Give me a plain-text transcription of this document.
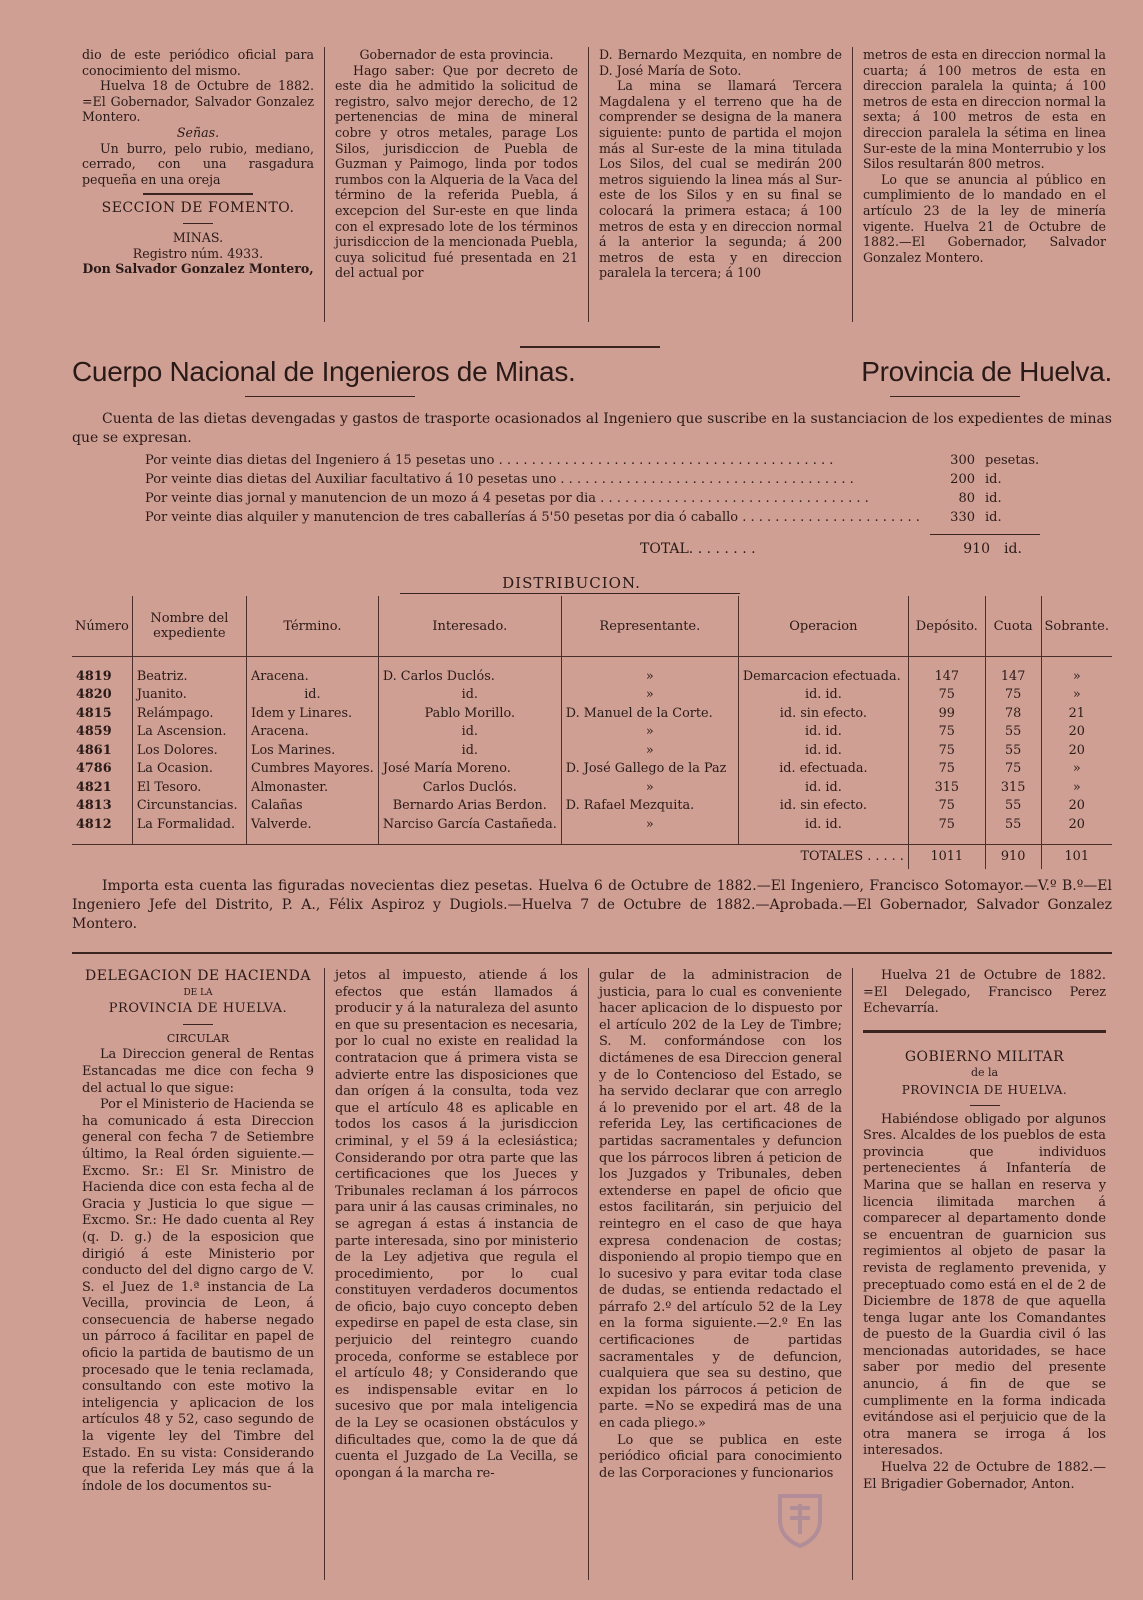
dio de este periódico oficial para conocimiento del mismo.

Huelva 18 de Octubre de 1882. =El Gobernador, Salvador Gonzalez Montero.

Señas.

Un burro, pelo rubio, mediano, cerrado, con una rasgadura pequeña en una oreja

SECCION DE FOMENTO.

MINAS.

Registro núm. 4933.

Don Salvador Gonzalez Montero,

Gobernador de esta provincia.

Hago saber: Que por decreto de este dia he admitido la solicitud de registro, salvo mejor derecho, de 12 pertenencias de mina de mineral cobre y otros metales, parage Los Silos, jurisdiccion de Puebla de Guzman y Paimogo, linda por todos rumbos con la Alqueria de la Vaca del término de la referida Puebla, á excepcion del Sur-este en que linda con el expresado lote de los términos jurisdiccion de la mencionada Puebla, cuya solicitud fué presentada en 21 del actual por

D. Bernardo Mezquita, en nombre de D. José María de Soto.

La mina se llamará Tercera Magdalena y el terreno que ha de comprender se designa de la manera siguiente: punto de partida el mojon más al Sur-este de la mina titulada Los Silos, del cual se medirán 200 metros siguiendo la linea más al Sur-este de los Silos y en su final se colocará la primera estaca; á 100 metros de esta y en direccion normal á la anterior la segunda; á 200 metros de esta y en direccion paralela la tercera; á 100

metros de esta en direccion normal la cuarta; á 100 metros de esta en direccion paralela la quinta; á 100 metros de esta en direccion normal la sexta; á 100 metros de esta en direccion paralela la sétima en linea Sur-este de la mina Monterrubio y los Silos resultarán 800 metros.

Lo que se anuncia al público en cumplimiento de lo mandado en el artículo 23 de la ley de minería vigente. Huelva 21 de Octubre de 1882.—El Gobernador, Salvador Gonzalez Montero.

Cuerpo Nacional de Ingenieros de Minas.	Provincia de Huelva.
Cuenta de las dietas devengadas y gastos de trasporte ocasionados al Ingeniero que suscribe en la sustanciacion de los expedientes de minas que se expresan.
Por veinte dias dietas del Ingeniero á 15 pesetas uno . . . . . . . . . . . . . . . . . . . . . . . . . . . . . . . . . . . . . . . . .	300 pesetas.
Por veinte dias dietas del Auxiliar facultativo á 10 pesetas uno . . . . . . . . . . . . . . . . . . . . . . . . . . . . . . . . . . . .	200 id.
Por veinte dias jornal y manutencion de un mozo á 4 pesetas por dia . . . . . . . . . . . . . . . . . . . . . . . . . . . . . . . . .	80 id.
Por veinte dias alquiler y manutencion de tres caballerías á 5'50 pesetas por dia ó caballo . . . . . . . . . . . . . . . . . . . . . .	330 id.
TOTAL. . . . . . . .	910	id.
DISTRIBUCION.
Número	Nombre del expediente	Término.	Interesado.	Representante.	Operacion	Depósito.	Cuota	Sobrante.

4819	Beatriz.	Aracena.	D. Carlos Duclós.	»	Demarcacion efectuada.	147	147	»
4820	Juanito.	id.	id.	»	id. id.	75	75	»
4815	Relámpago.	Idem y Linares.	Pablo Morillo.	D. Manuel de la Corte.	id. sin efecto.	99	78	21
4859	La Ascension.	Aracena.	id.	»	id. id.	75	55	20
4861	Los Dolores.	Los Marines.	id.	»	id. id.	75	55	20
4786	La Ocasion.	Cumbres Mayores.	José María Moreno.	D. José Gallego de la Paz	id. efectuada.	75	75	»
4821	El Tesoro.	Almonaster.	Carlos Duclós.	»	id. id.	315	315	»
4813	Circunstancias.	Calañas	Bernardo Arias Berdon.	D. Rafael Mezquita.	id. sin efecto.	75	55	20
4812	La Formalidad.	Valverde.	Narciso García Castañeda.	»	id. id.	75	55	20

					TOTALES . . . . .	1011	910	101
Importa esta cuenta las figuradas novecientas diez pesetas. Huelva 6 de Octubre de 1882.—El Ingeniero, Francisco Sotomayor.—V.º B.º—El Ingeniero Jefe del Distrito, P. A., Félix Aspiroz y Dugiols.—Huelva 7 de Octubre de 1882.—Aprobada.—El Gobernador, Salvador Gonzalez Montero.

DELEGACION DE HACIENDA

DE LA

PROVINCIA DE HUELVA.

CIRCULAR

La Direccion general de Rentas Estancadas me dice con fecha 9 del actual lo que sigue:

Por el Ministerio de Hacienda se ha comunicado á esta Direccion general con fecha 7 de Setiembre último, la Real órden siguiente.—Excmo. Sr.: El Sr. Ministro de Hacienda dice con esta fecha al de Gracia y Justicia lo que sigue —Excmo. Sr.: He dado cuenta al Rey (q. D. g.) de la esposicion que dirigió á este Ministerio por conducto del del digno cargo de V. S. el Juez de 1.ª instancia de La Vecilla, provincia de Leon, á consecuencia de haberse negado un párroco á facilitar en papel de oficio la partida de bautismo de un procesado que le tenia reclamada, consultando con este motivo la inteligencia y aplicacion de los artículos 48 y 52, caso segundo de la vigente ley del Timbre del Estado. En su vista: Considerando que la referida Ley más que á la índole de los documentos su-

jetos al impuesto, atiende á los efectos que están llamados á producir y á la naturaleza del asunto en que su presentacion es necesaria, por lo cual no existe en realidad la contratacion que á primera vista se advierte entre las disposiciones que dan orígen á la consulta, toda vez que el artículo 48 es aplicable en todos los casos á la jurisdiccion criminal, y el 59 á la eclesiástica; Considerando por otra parte que las certificaciones que los Jueces y Tribunales reclaman á los párrocos para unir á las causas criminales, no se agregan á estas á instancia de parte interesada, sino por ministerio de la Ley adjetiva que regula el procedimiento, por lo cual constituyen verdaderos documentos de oficio, bajo cuyo concepto deben expedirse en papel de esta clase, sin perjuicio del reintegro cuando proceda, conforme se establece por el artículo 48; y Considerando que es indispensable evitar en lo sucesivo que por mala inteligencia de la Ley se ocasionen obstáculos y dificultades que, como la de que dá cuenta el Juzgado de La Vecilla, se opongan á la marcha re-

gular de la administracion de justicia, para lo cual es conveniente hacer aplicacion de lo dispuesto por el artículo 202 de la Ley de Timbre; S. M. conformándose con los dictámenes de esa Direccion general y de lo Contencioso del Estado, se ha servido declarar que con arreglo á lo prevenido por el art. 48 de la referida Ley, las certificaciones de partidas sacramentales y defuncion que los párrocos libren á peticion de los Juzgados y Tribunales, deben extenderse en papel de oficio que estos facilitarán, sin perjuicio del reintegro en el caso de que haya expresa condenacion de costas; disponiendo al propio tiempo que en lo sucesivo y para evitar toda clase de dudas, se entienda redactado el párrafo 2.º del artículo 52 de la Ley en la forma siguiente.—2.º En las certificaciones de partidas sacramentales y de defuncion, cualquiera que sea su destino, que expidan los párrocos á peticion de parte. =No se expedirá mas de una en cada pliego.»

Lo que se publica en este periódico oficial para conocimiento de las Corporaciones y funcionarios

Huelva 21 de Octubre de 1882. =El Delegado, Francisco Perez Echevarría.

GOBIERNO MILITAR

de la

PROVINCIA DE HUELVA.

Habiéndose obligado por algunos Sres. Alcaldes de los pueblos de esta provincia que individuos pertenecientes á Infantería de Marina que se hallan en reserva y licencia ilimitada marchen á comparecer al departamento donde se encuentran de guarnicion sus regimientos al objeto de pasar la revista de reglamento prevenida, y preceptuado como está en el de 2 de Diciembre de 1878 de que aquella tenga lugar ante los Comandantes de puesto de la Guardia civil ó las mencionadas autoridades, se hace saber por medio del presente anuncio, á fin de que se cumplimente en la forma indicada evitándose asi el perjuicio que de la otra manera se irroga á los interesados.

Huelva 22 de Octubre de 1882.—El Brigadier Gobernador, Anton.
